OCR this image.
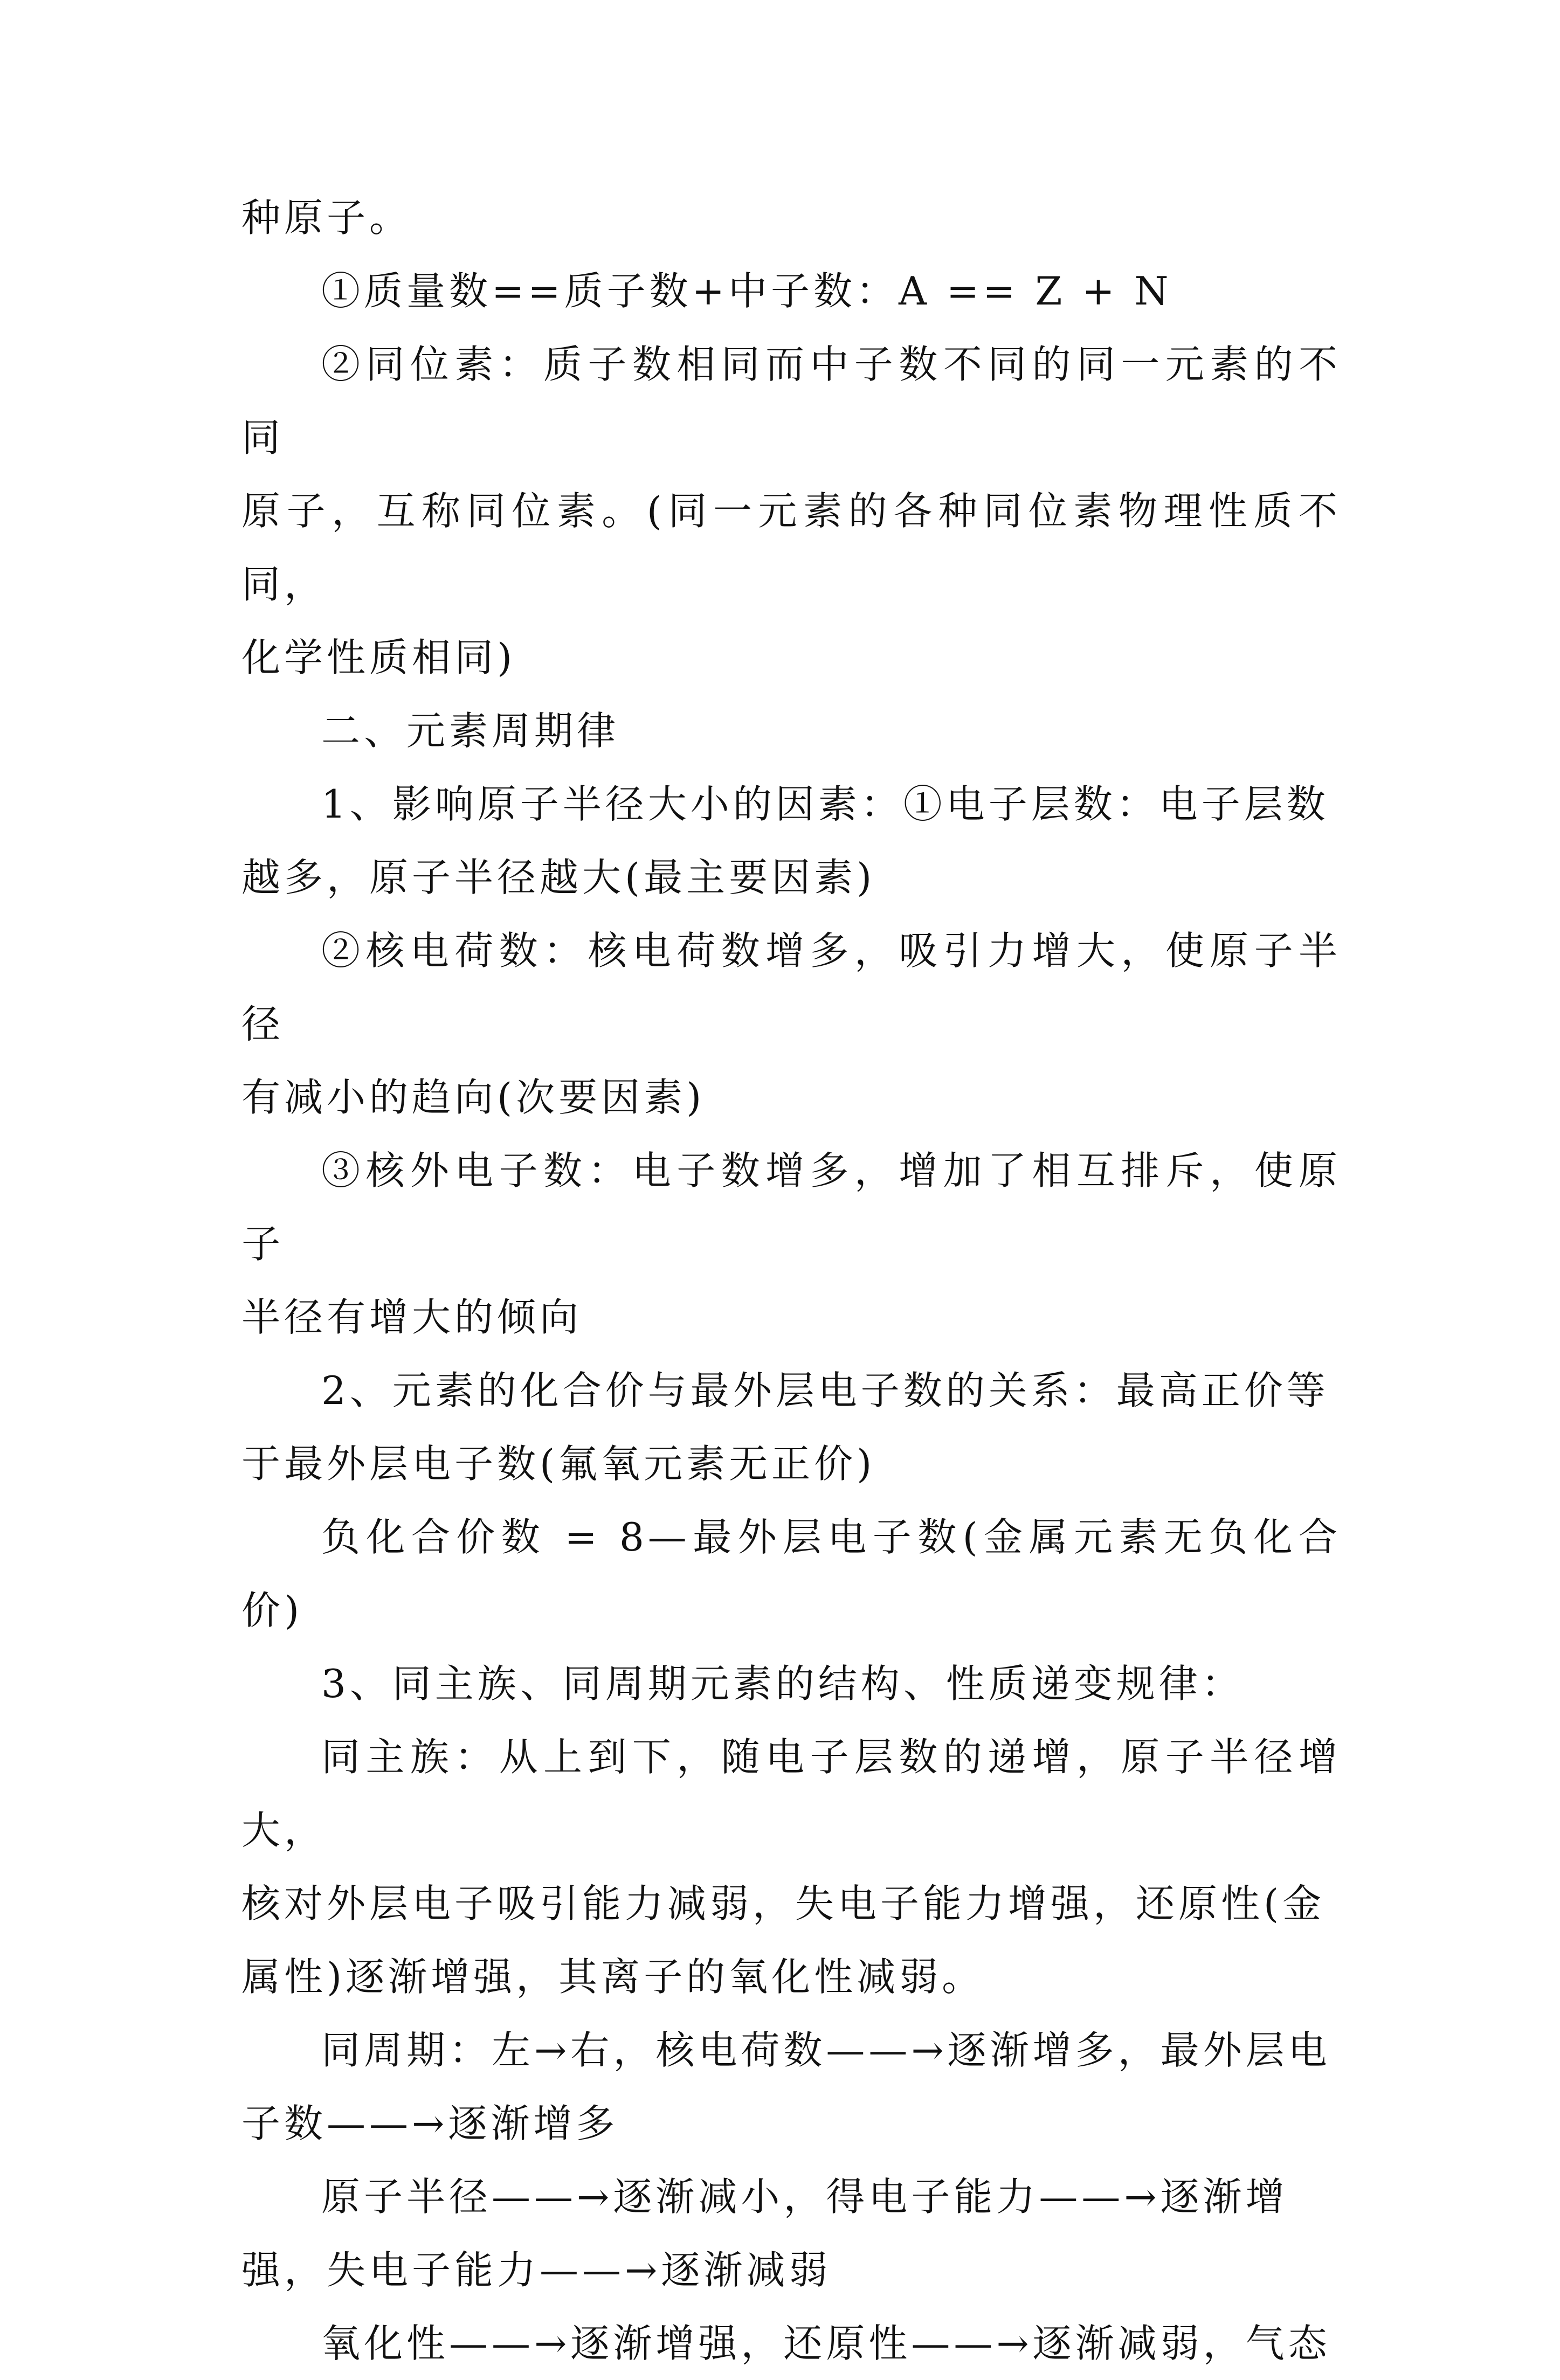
种原子。

①质量数==质子数+中子数：A == Z + N

②同位素：质子数相同而中子数不同的同一元素的不同
原子，互称同位素。(同一元素的各种同位素物理性质不同，
化学性质相同)

二、元素周期律

1、影响原子半径大小的因素：①电子层数：电子层数
越多，原子半径越大(最主要因素)

②核电荷数：核电荷数增多，吸引力增大，使原子半径
有减小的趋向(次要因素)

③核外电子数：电子数增多，增加了相互排斥，使原子
半径有增大的倾向

2、元素的化合价与最外层电子数的关系：最高正价等
于最外层电子数(氟氧元素无正价)

负化合价数 = 8—最外层电子数(金属元素无负化合价)

3、同主族、同周期元素的结构、性质递变规律：

同主族：从上到下，随电子层数的递增，原子半径增大，
核对外层电子吸引能力减弱，失电子能力增强，还原性(金
属性)逐渐增强，其离子的氧化性减弱。

同周期：左→右，核电荷数——→逐渐增多，最外层电
子数——→逐渐增多

原子半径——→逐渐减小，得电子能力——→逐渐增
强，失电子能力——→逐渐减弱

氧化性——→逐渐增强，还原性——→逐渐减弱，气态
